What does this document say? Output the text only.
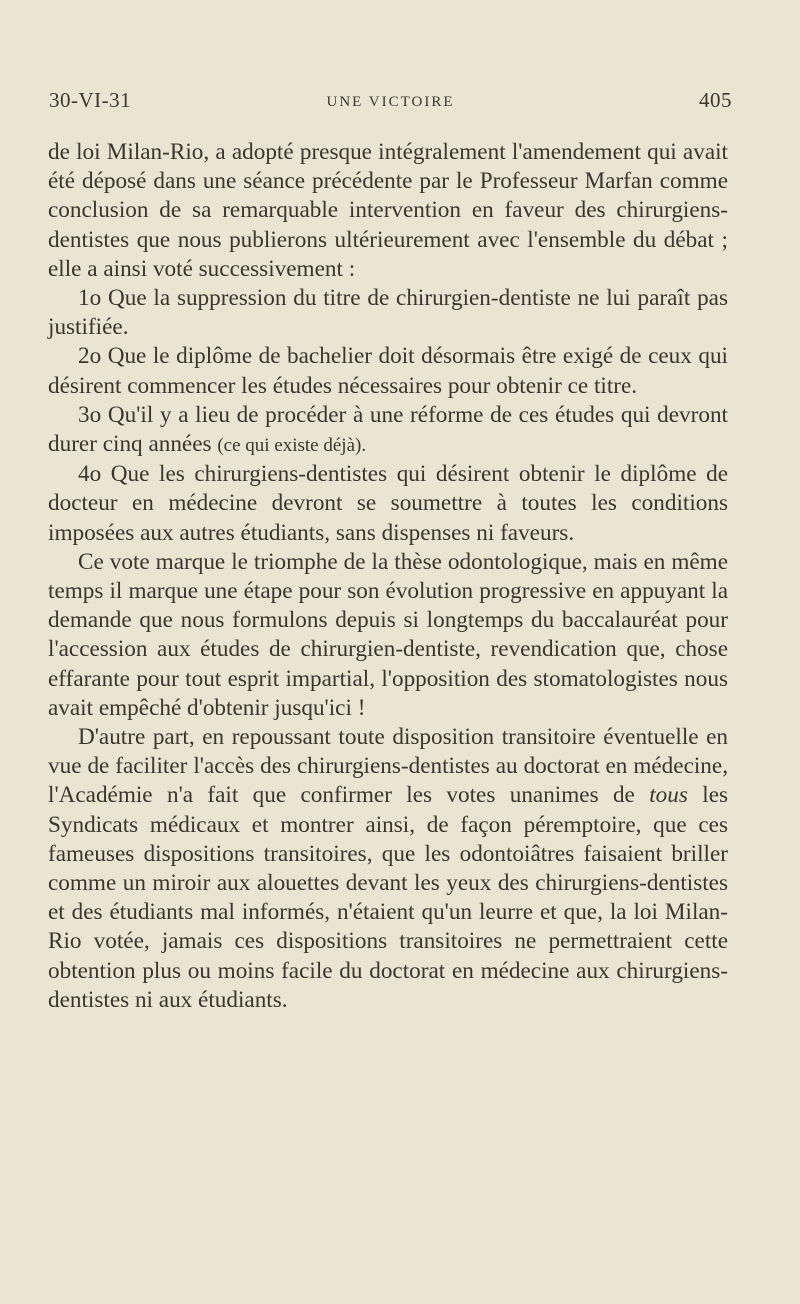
30-VI-31	UNE VICTOIRE	405

de loi Milan-Rio, a adopté presque intégralement l'amendement qui avait été déposé dans une séance précédente par le Professeur Marfan comme conclusion de sa remarquable intervention en faveur des chirurgiens-dentistes que nous publierons ultérieurement avec l'ensemble du débat ; elle a ainsi voté successivement :

1o Que la suppression du titre de chirurgien-dentiste ne lui paraît pas justifiée.

2o Que le diplôme de bachelier doit désormais être exigé de ceux qui désirent commencer les études nécessaires pour obtenir ce titre.

3o Qu'il y a lieu de procéder à une réforme de ces études qui devront durer cinq années (ce qui existe déjà).

4o Que les chirurgiens-dentistes qui désirent obtenir le diplôme de docteur en médecine devront se soumettre à toutes les conditions imposées aux autres étudiants, sans dispenses ni faveurs.

Ce vote marque le triomphe de la thèse odontologique, mais en même temps il marque une étape pour son évolution progressive en appuyant la demande que nous formulons depuis si longtemps du baccalauréat pour l'accession aux études de chirurgien-dentiste, revendication que, chose effarante pour tout esprit impartial, l'opposition des stomatologistes nous avait empêché d'obtenir jusqu'ici !

D'autre part, en repoussant toute disposition transitoire éventuelle en vue de faciliter l'accès des chirurgiens-dentistes au doctorat en médecine, l'Académie n'a fait que confirmer les votes unanimes de tous les Syndicats médicaux et montrer ainsi, de façon péremptoire, que ces fameuses dispositions transitoires, que les odontoiâtres faisaient briller comme un miroir aux alouettes devant les yeux des chirurgiens-dentistes et des étudiants mal informés, n'étaient qu'un leurre et que, la loi Milan-Rio votée, jamais ces dispositions transitoires ne permettraient cette obtention plus ou moins facile du doctorat en médecine aux chirurgiens-dentistes ni aux étudiants.
